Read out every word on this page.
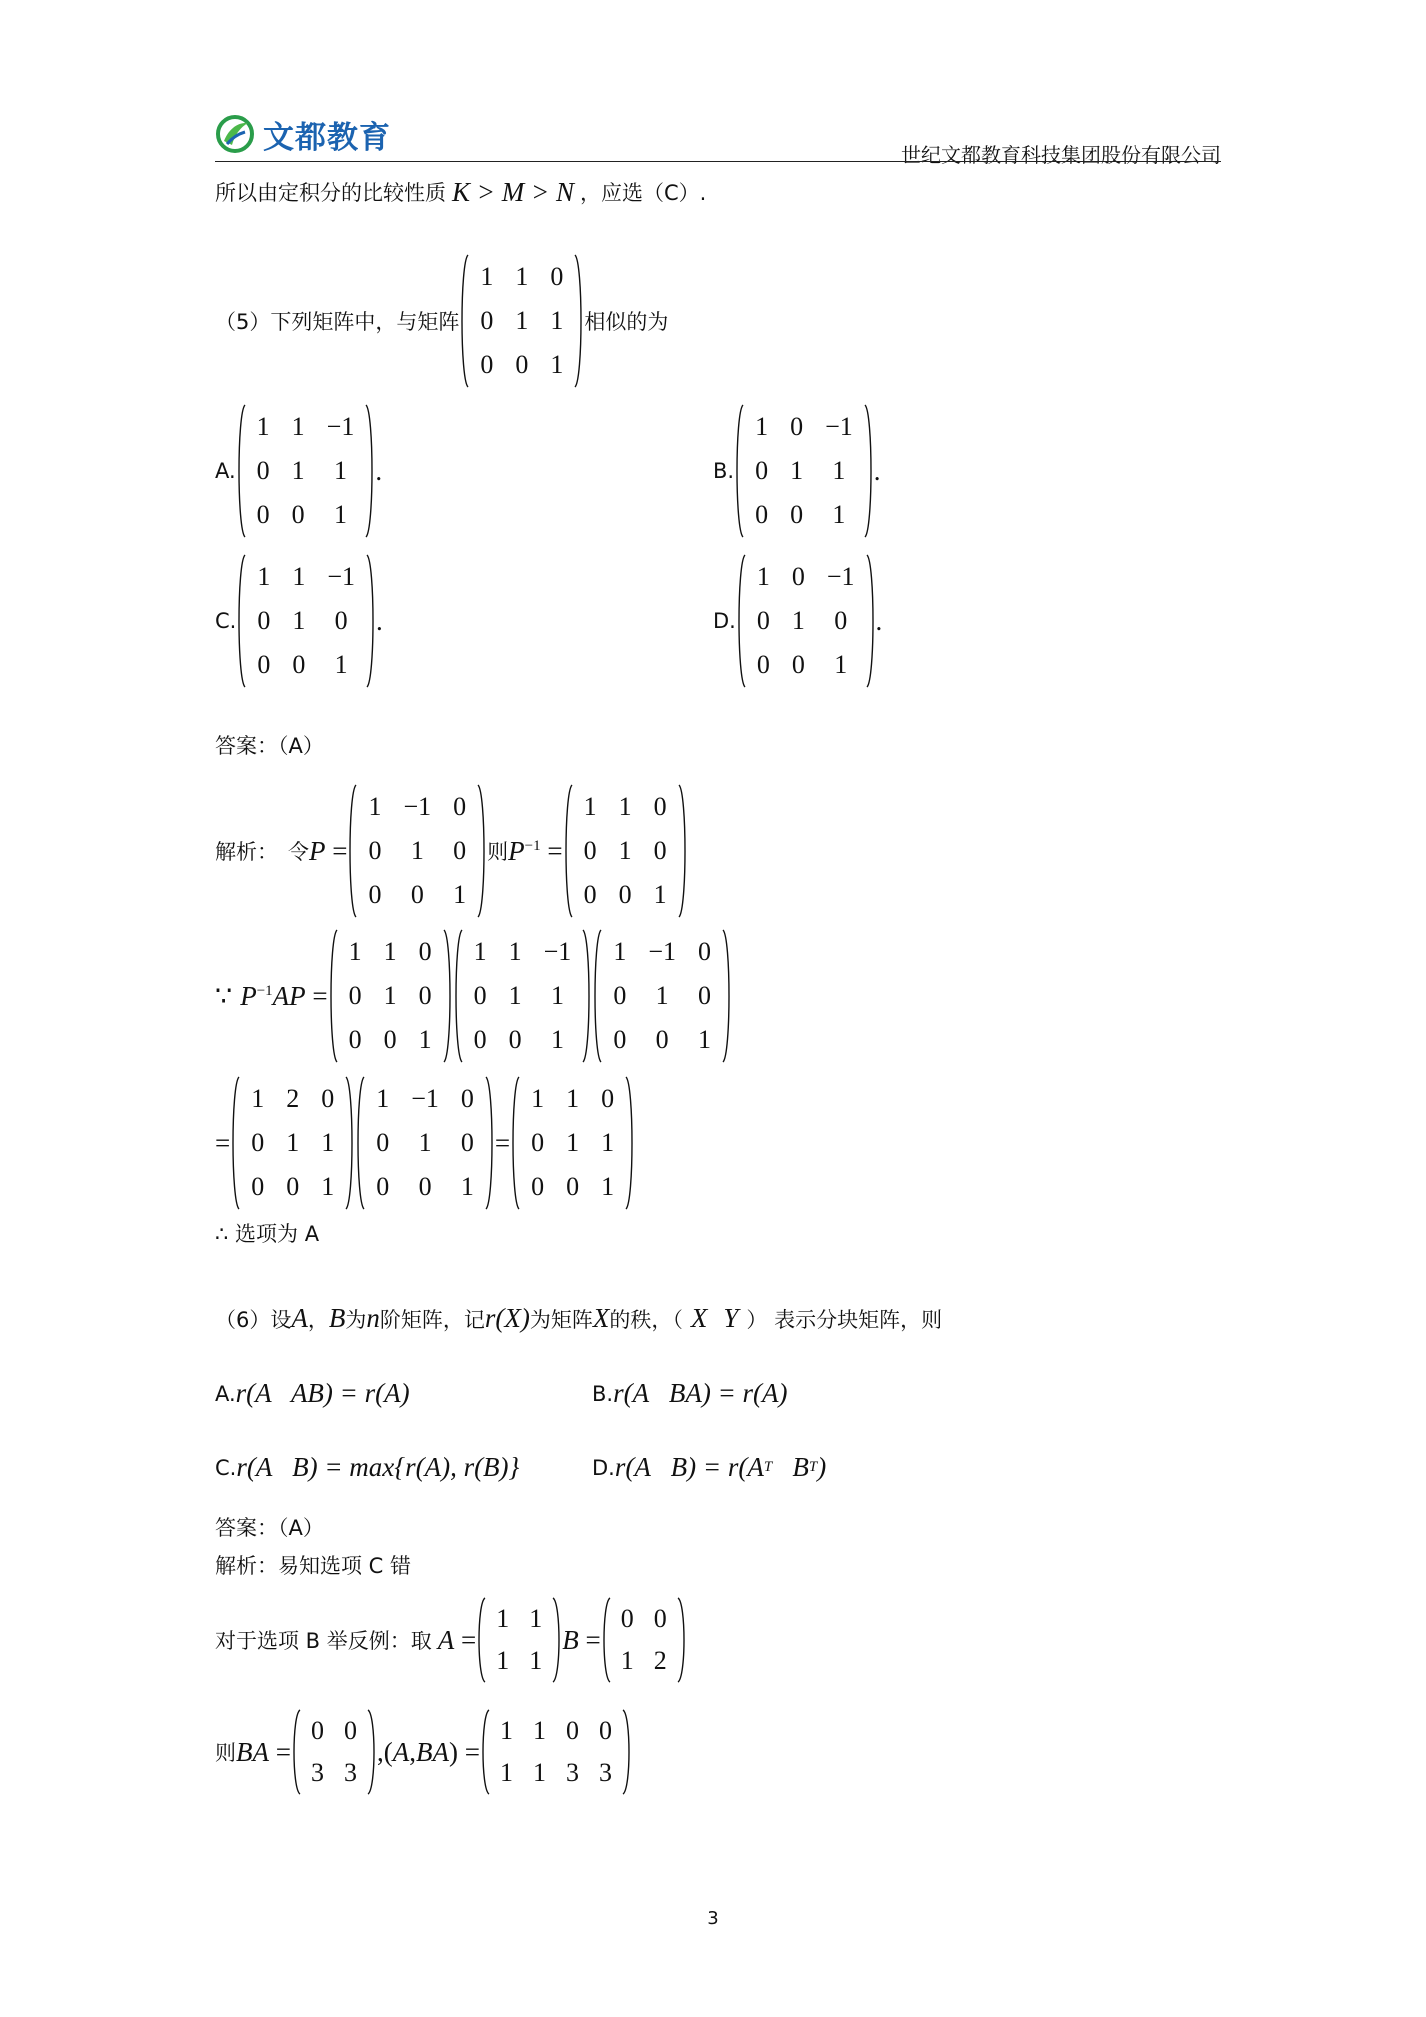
文都教育	世纪文都教育科技集团股份有限公司
所以由定积分的比较性质 K > M > N ，应选（C）.
（5）下列矩阵中，与矩阵
1	1	0
0	1	1
0	0	1
相似的为
A.
1	1	−1
0	1	1
0	0	1
.	B.
1	0	−1
0	1	1
0	0	1
.
C.
1	1	−1
0	1	0
0	0	1
.	D.
1	0	−1
0	1	0
0	0	1
.
答案：（A）
解析： 令 P =
1	−1	0
0	1	0
0	0	1
则 $P^{-1}$ =
1	1	0
0	1	0
0	0	1
∵ $P^{-1}AP$ =
1	1	0
0	1	0
0	0	1
1	1	−1
0	1	1
0	0	1
1	−1	0
0	1	0
0	0	1
=
1	2	0
0	1	1
0	0	1
1	−1	0
0	1	0
0	0	1
=
1	1	0
0	1	1
0	0	1
∴ 选项为 A
（6）设 A ， B 为 n 阶矩阵，记 r(X) 为矩阵 X 的秩，（ X Y ） 表示分块矩阵，则
A. r(A   AB) = r(A)	B. r(A   BA) = r(A)
C. r(A   B) = max{r(A), r(B)}	D. r(A   B) = r(A T B T )
答案：（A）
解析：易知选项 C 错
对于选项 B 举反例：取 A =
1	1
1	1
B =
0	0
1	2
则 BA =
0	0
3	3
,(A,BA) =
1	1	0	0
1	1	3	3
3
